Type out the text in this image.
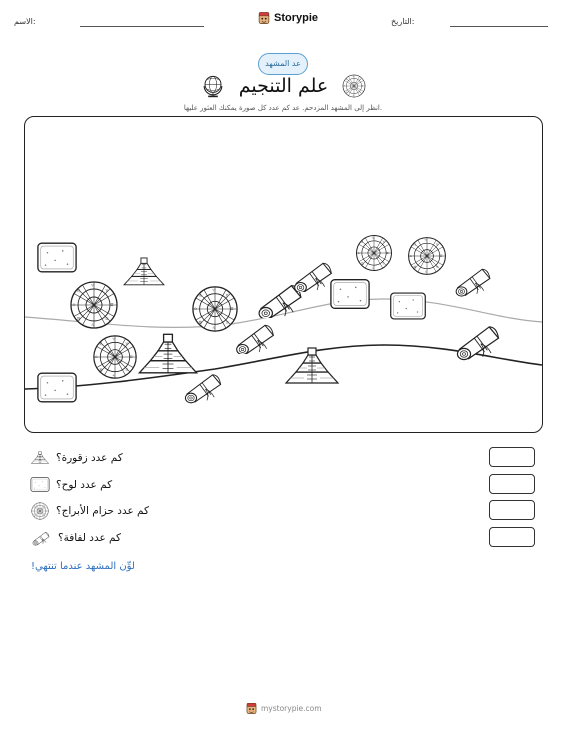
الاسم:	Storypie	التاريخ:
عد المشهد
علم التنجيم
انظر إلى المشهد المزدحم. عد كم عدد كل صورة يمكنك العثور عليها.
كم عدد زقورة؟
كم عدد لوح؟
كم عدد حزام الأبراج؟
كم عدد لفافة؟
لوِّن المشهد عندما تنتهي!
mystorypie.com
